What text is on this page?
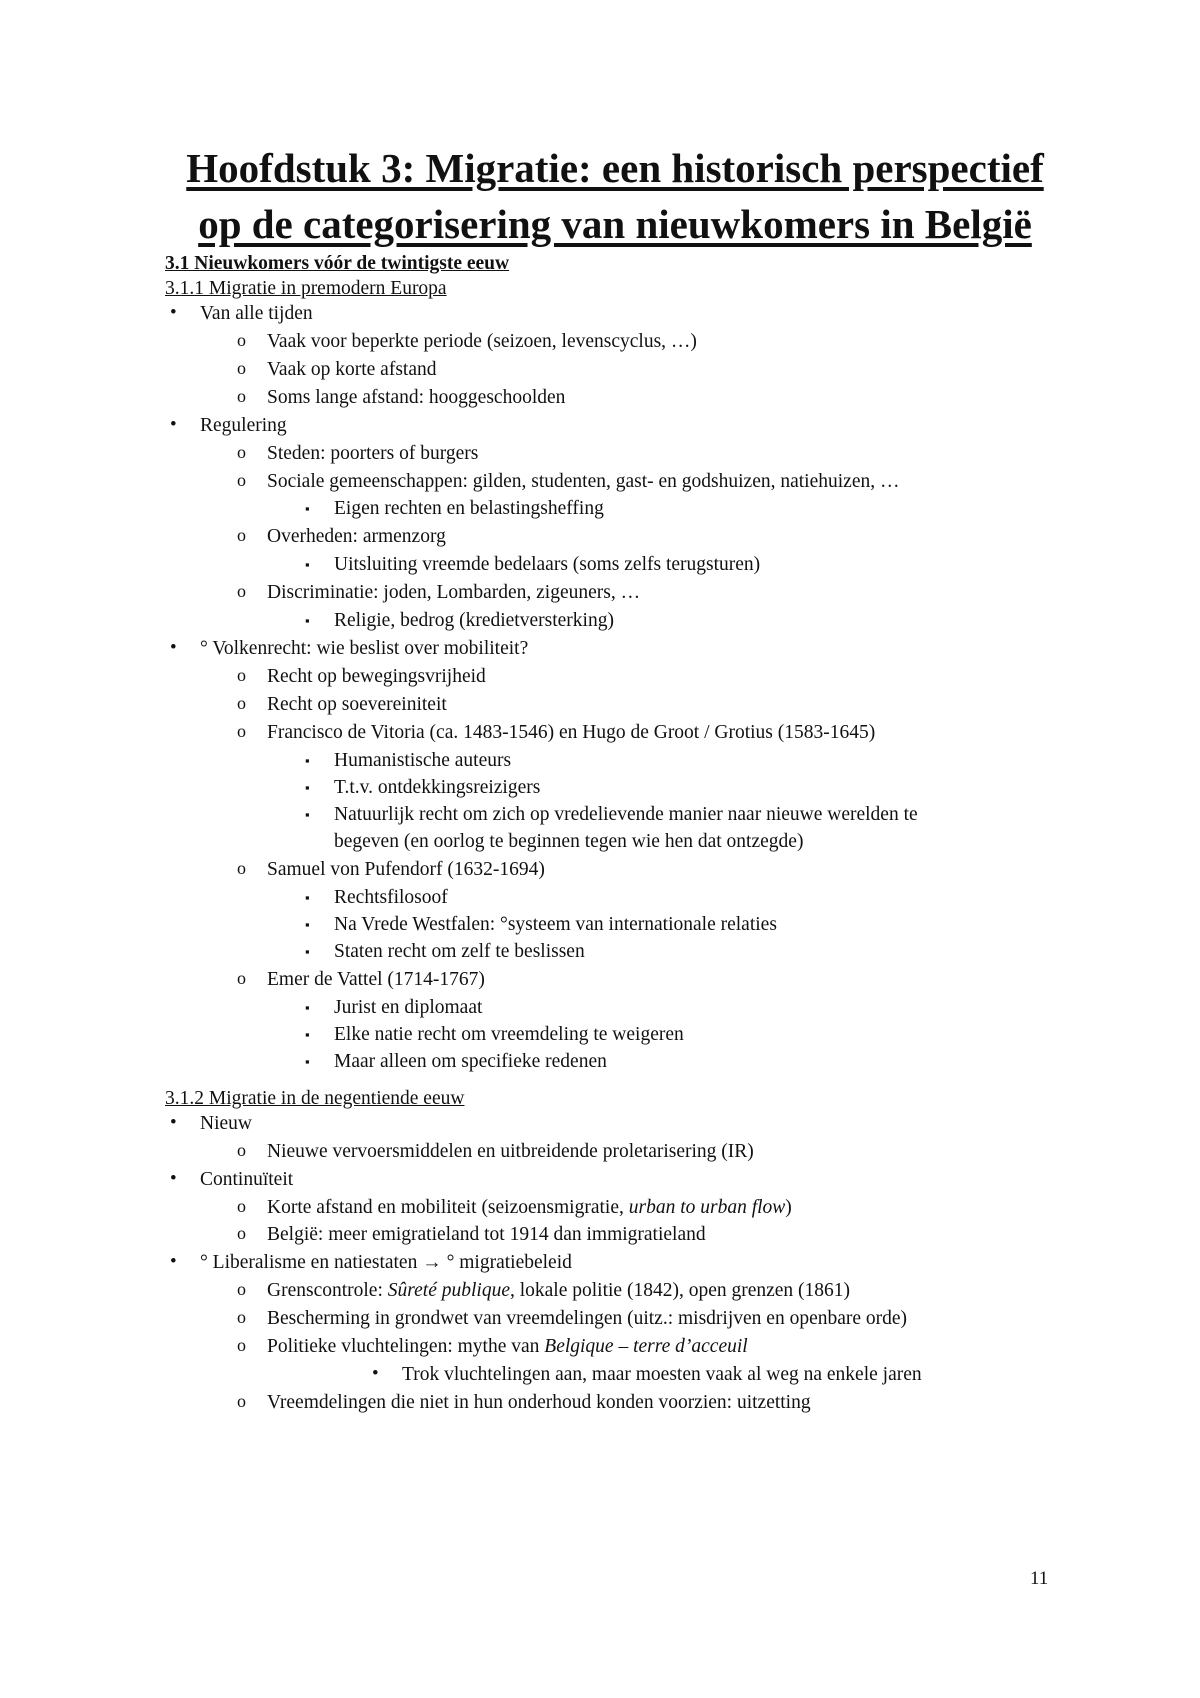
Hoofdstuk 3: Migratie: een historisch perspectief
op de categorisering van nieuwkomers in België
3.1 Nieuwkomers vóór de twintigste eeuw
3.1.1 Migratie in premodern Europa
• Van alle tijden
o Vaak voor beperkte periode (seizoen, levenscyclus, …)
o Vaak op korte afstand
o Soms lange afstand: hooggeschoolden
• Regulering
o Steden: poorters of burgers
o Sociale gemeenschappen: gilden, studenten, gast- en godshuizen, natiehuizen, …
▪ Eigen rechten en belastingsheffing
o Overheden: armenzorg
▪ Uitsluiting vreemde bedelaars (soms zelfs terugsturen)
o Discriminatie: joden, Lombarden, zigeuners, …
▪ Religie, bedrog (kredietversterking)
• ° Volkenrecht: wie beslist over mobiliteit?
o Recht op bewegingsvrijheid
o Recht op soevereiniteit
o Francisco de Vitoria (ca. 1483-1546) en Hugo de Groot / Grotius (1583-1645)
▪ Humanistische auteurs
▪ T.t.v. ontdekkingsreizigers
▪ Natuurlijk recht om zich op vredelievende manier naar nieuwe werelden te
begeven (en oorlog te beginnen tegen wie hen dat ontzegde)
o Samuel von Pufendorf (1632-1694)
▪ Rechtsfilosoof
▪ Na Vrede Westfalen: °systeem van internationale relaties
▪ Staten recht om zelf te beslissen
o Emer de Vattel (1714-1767)
▪ Jurist en diplomaat
▪ Elke natie recht om vreemdeling te weigeren
▪ Maar alleen om specifieke redenen
3.1.2 Migratie in de negentiende eeuw
• Nieuw
o Nieuwe vervoersmiddelen en uitbreidende proletarisering (IR)
• Continuïteit
o Korte afstand en mobiliteit (seizoensmigratie, urban to urban flow)
o België: meer emigratieland tot 1914 dan immigratieland
• ° Liberalisme en natiestaten → ° migratiebeleid
o Grenscontrole: Sûreté publique, lokale politie (1842), open grenzen (1861)
o Bescherming in grondwet van vreemdelingen (uitz.: misdrijven en openbare orde)
o Politieke vluchtelingen: mythe van Belgique – terre d’acceuil
• Trok vluchtelingen aan, maar moesten vaak al weg na enkele jaren
o Vreemdelingen die niet in hun onderhoud konden voorzien: uitzetting
11
